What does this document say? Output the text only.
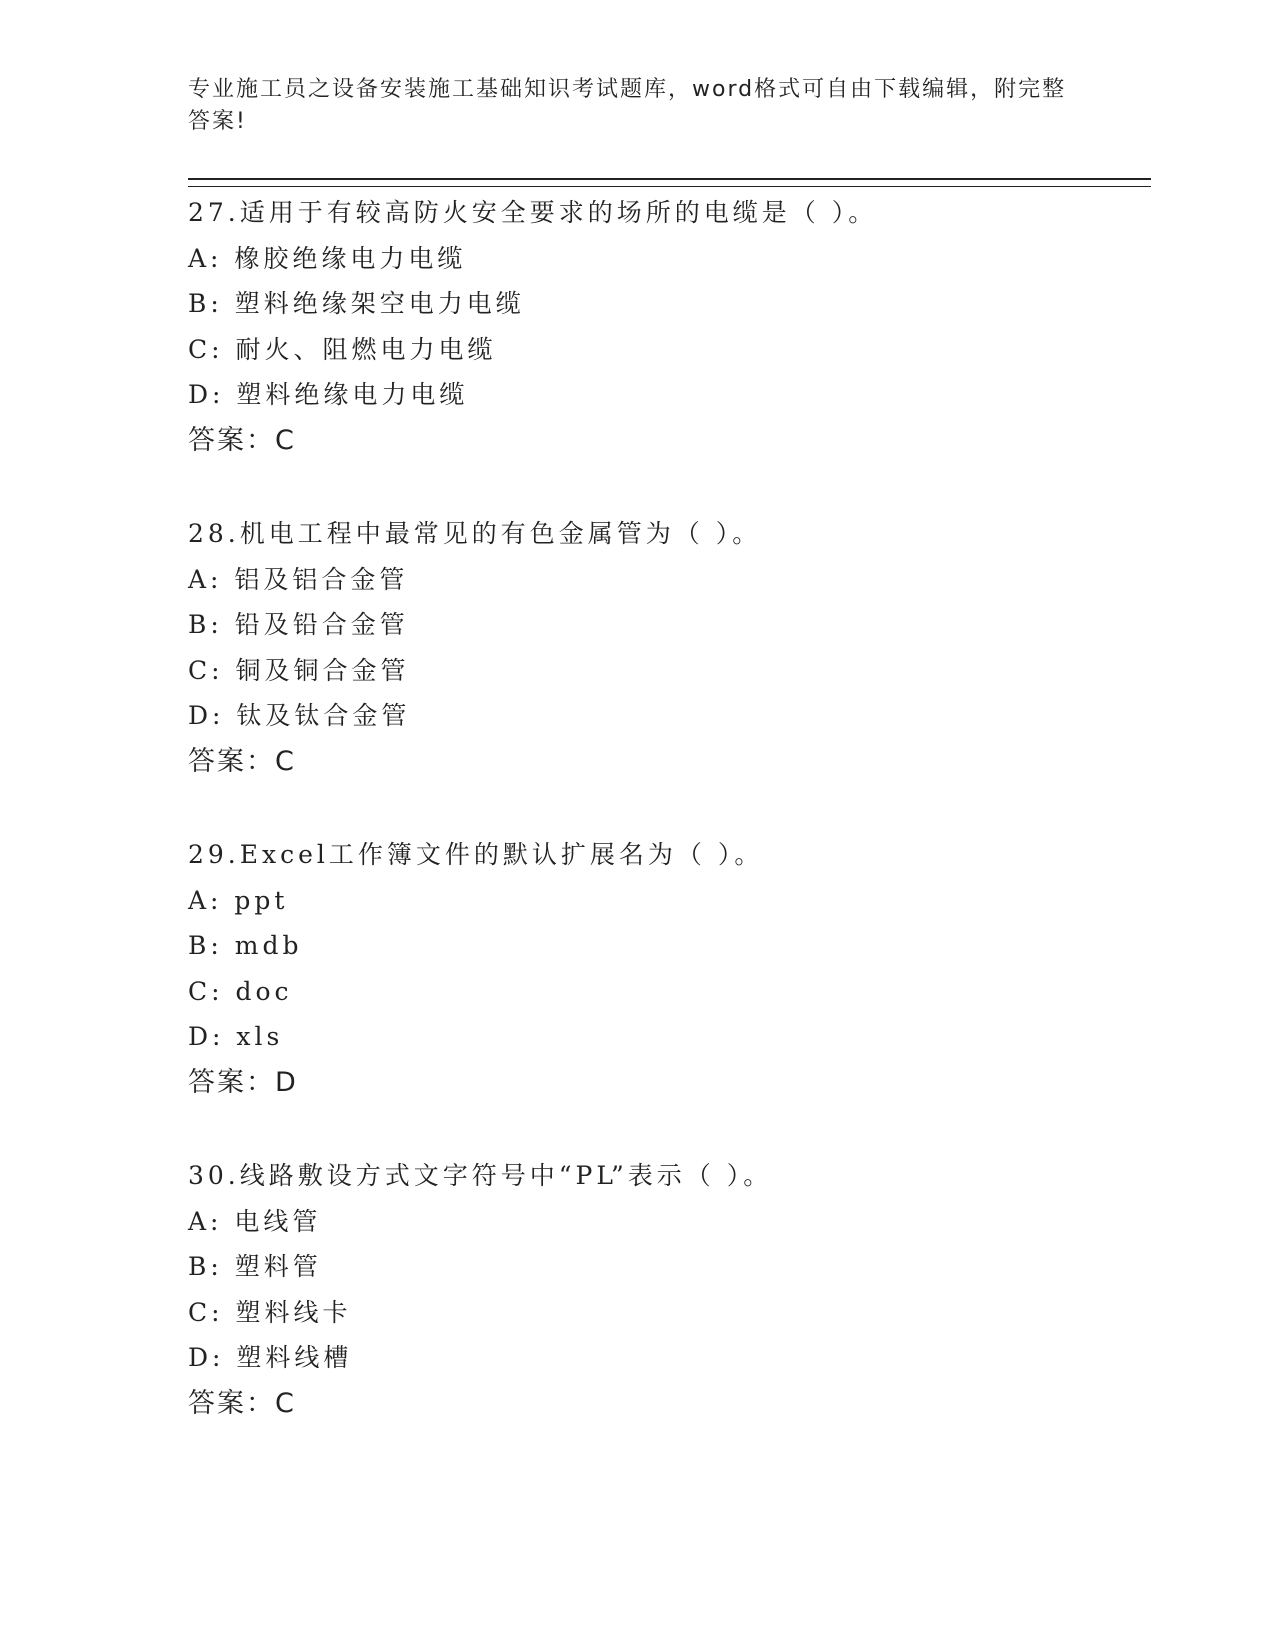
专业施工员之设备安装施工基础知识考试题库，word格式可自由下载编辑，附完整答案!
27.适用于有较高防火安全要求的场所的电缆是（ ）。
A: 橡胶绝缘电力电缆
B: 塑料绝缘架空电力电缆
C: 耐火、阻燃电力电缆
D: 塑料绝缘电力电缆
答案：C
28.机电工程中最常见的有色金属管为（ ）。
A: 铝及铝合金管
B: 铅及铅合金管
C: 铜及铜合金管
D: 钛及钛合金管
答案：C
29.Excel工作簿文件的默认扩展名为（ ）。
A: ppt
B: mdb
C: doc
D: xls
答案：D
30.线路敷设方式文字符号中“PL”表示（ ）。
A: 电线管
B: 塑料管
C: 塑料线卡
D: 塑料线槽
答案：C
